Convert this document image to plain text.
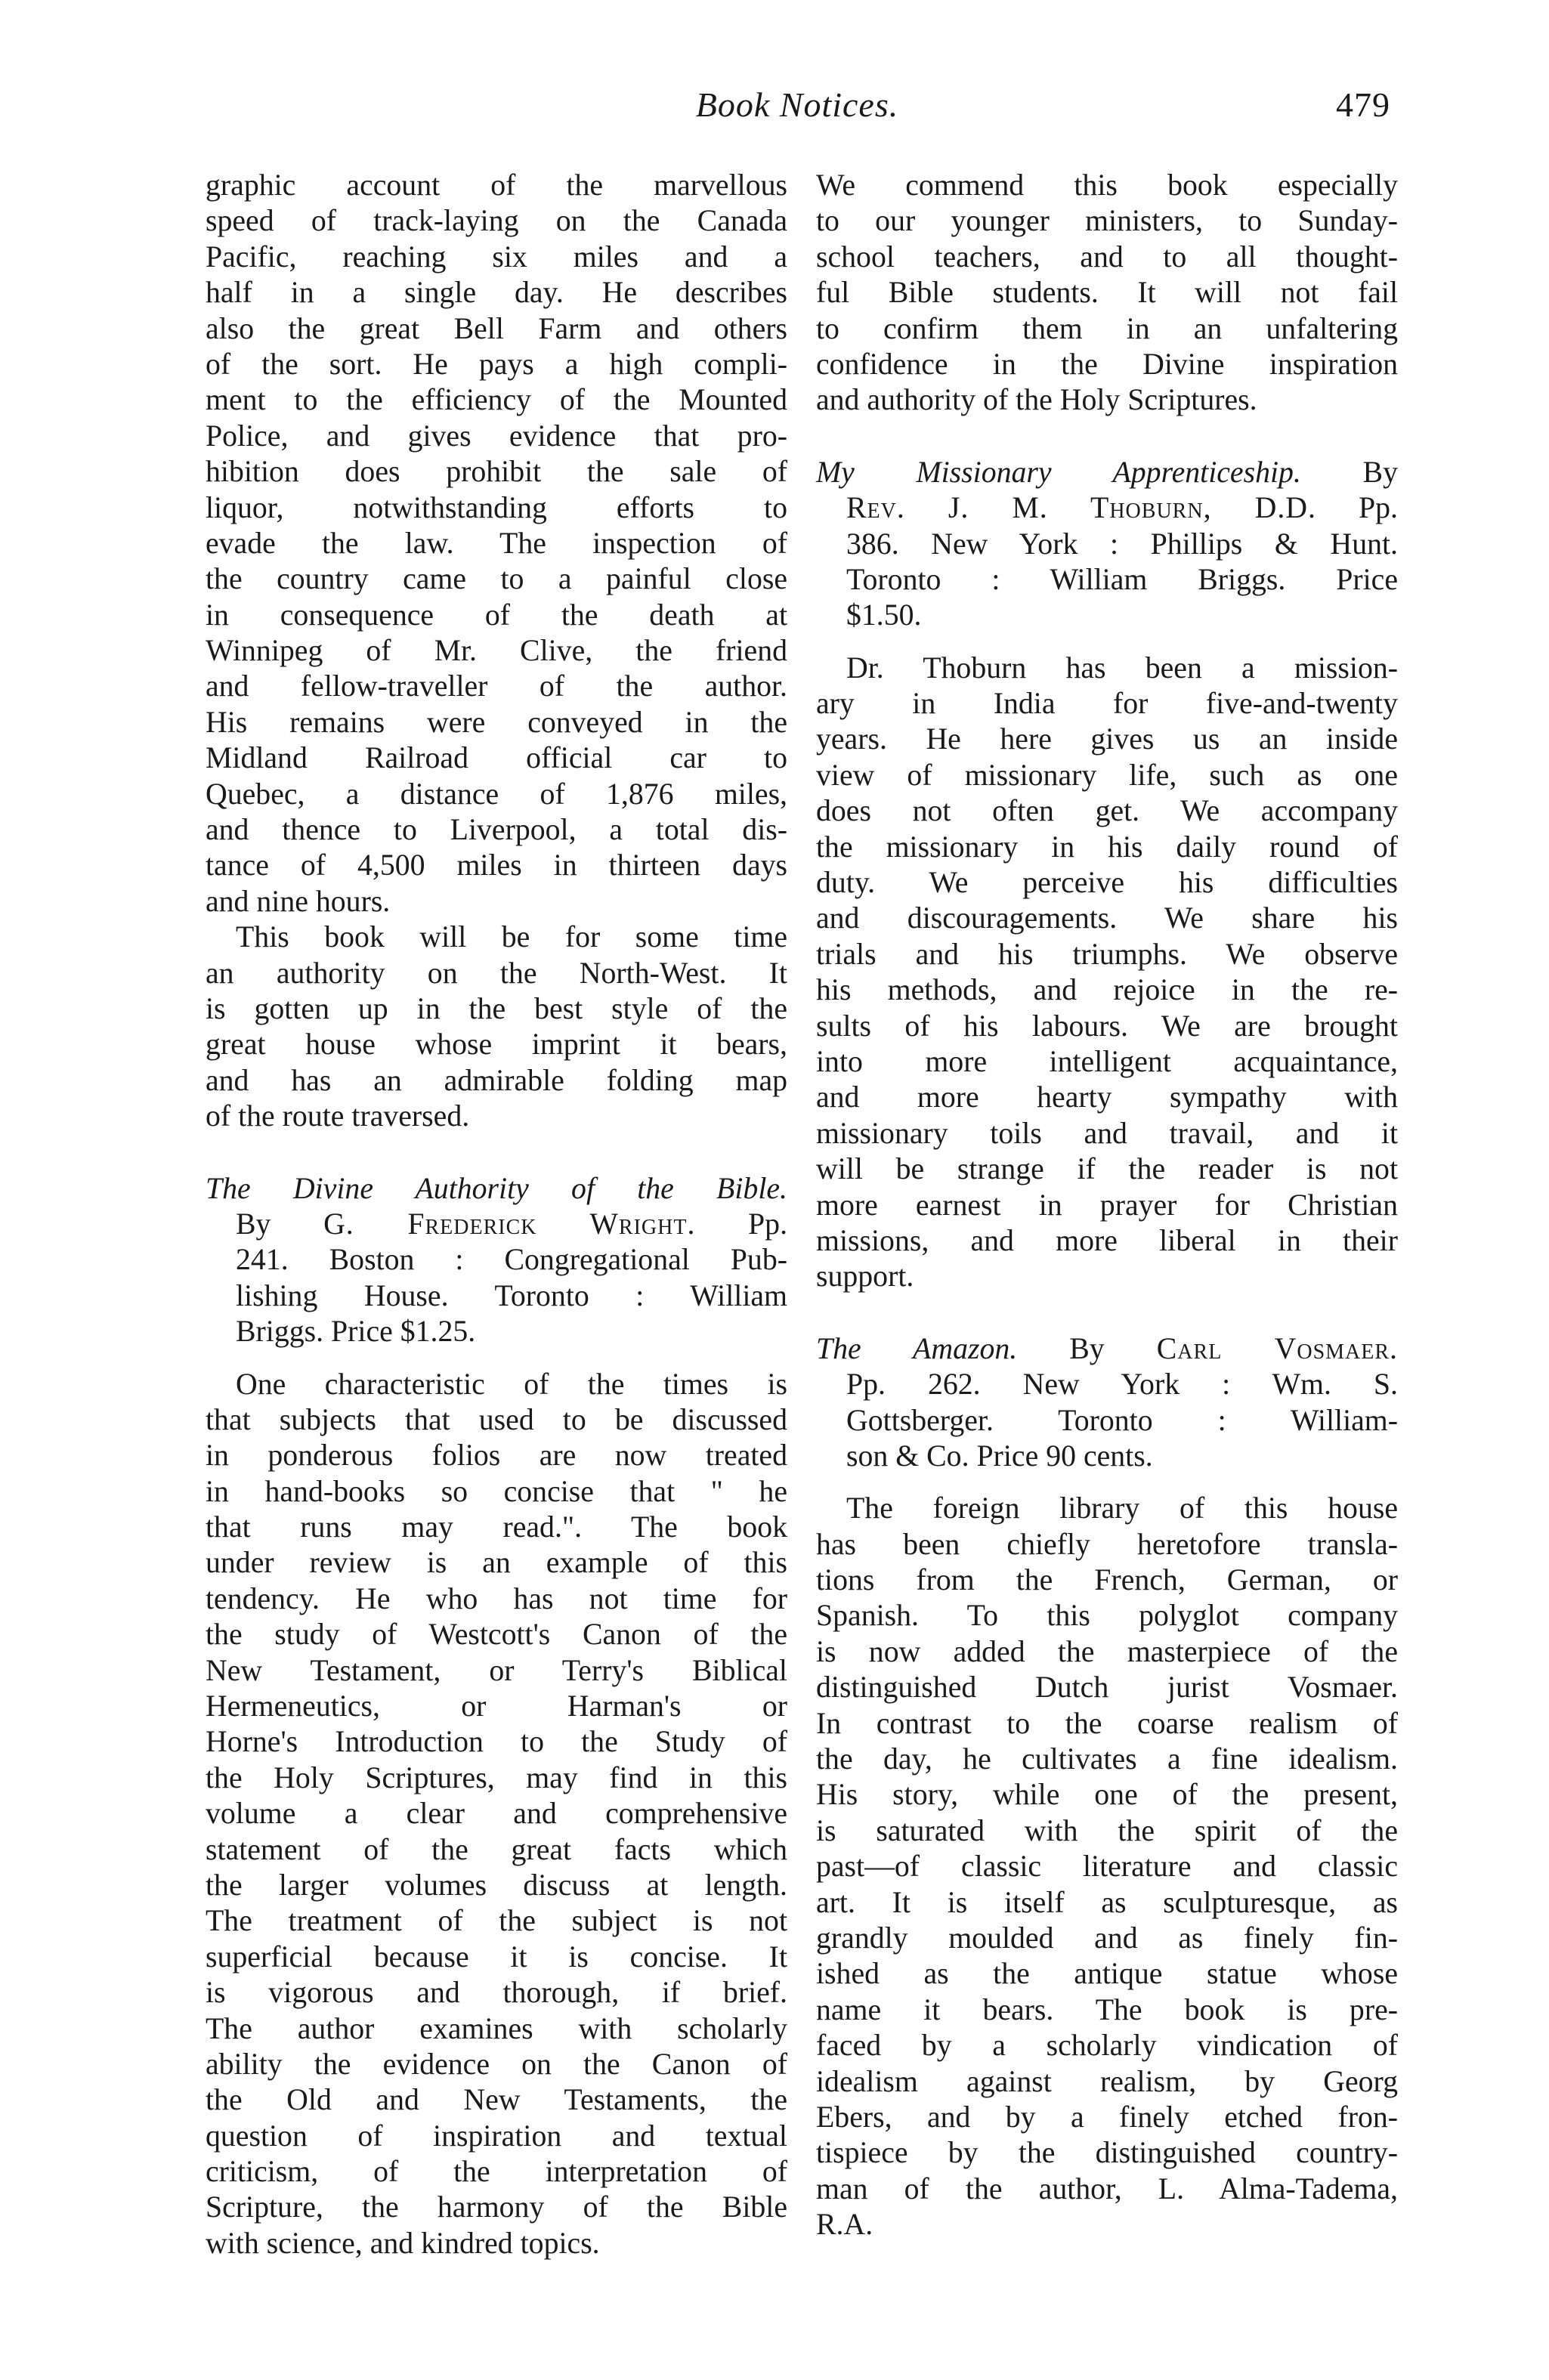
Book Notices.	479
graphic account of the marvellous
speed of track-laying on the Canada
Pacific, reaching six miles and a
half in a single day. He describes
also the great Bell Farm and others
of the sort. He pays a high compli-
ment to the efficiency of the Mounted
Police, and gives evidence that pro-
hibition does prohibit the sale of
liquor, notwithstanding efforts to
evade the law. The inspection of
the country came to a painful close
in consequence of the death at
Winnipeg of Mr. Clive, the friend
and fellow-traveller of the author.
His remains were conveyed in the
Midland Railroad official car to
Quebec, a distance of 1,876 miles,
and thence to Liverpool, a total dis-
tance of 4,500 miles in thirteen days
and nine hours.
This book will be for some time
an authority on the North-West. It
is gotten up in the best style of the
great house whose imprint it bears,
and has an admirable folding map
of the route traversed.
The Divine Authority of the Bible.
By G. Frederick Wright. Pp.
241. Boston : Congregational Pub-
lishing House. Toronto : William
Briggs. Price $1.25.
One characteristic of the times is
that subjects that used to be discussed
in ponderous folios are now treated
in hand-books so concise that " he
that runs may read.". The book
under review is an example of this
tendency. He who has not time for
the study of Westcott's Canon of the
New Testament, or Terry's Biblical
Hermeneutics, or Harman's or
Horne's Introduction to the Study of
the Holy Scriptures, may find in this
volume a clear and comprehensive
statement of the great facts which
the larger volumes discuss at length.
The treatment of the subject is not
superficial because it is concise. It
is vigorous and thorough, if brief.
The author examines with scholarly
ability the evidence on the Canon of
the Old and New Testaments, the
question of inspiration and textual
criticism, of the interpretation of
Scripture, the harmony of the Bible
with science, and kindred topics.
We commend this book especially
to our younger ministers, to Sunday-
school teachers, and to all thought-
ful Bible students. It will not fail
to confirm them in an unfaltering
confidence in the Divine inspiration
and authority of the Holy Scriptures.
My Missionary Apprenticeship. By
Rev. J. M. Thoburn, D.D. Pp.
386. New York : Phillips & Hunt.
Toronto : William Briggs. Price
$1.50.
Dr. Thoburn has been a mission-
ary in India for five-and-twenty
years. He here gives us an inside
view of missionary life, such as one
does not often get. We accompany
the missionary in his daily round of
duty. We perceive his difficulties
and discouragements. We share his
trials and his triumphs. We observe
his methods, and rejoice in the re-
sults of his labours. We are brought
into more intelligent acquaintance,
and more hearty sympathy with
missionary toils and travail, and it
will be strange if the reader is not
more earnest in prayer for Christian
missions, and more liberal in their
support.
The Amazon. By Carl Vosmaer.
Pp. 262. New York : Wm. S.
Gottsberger. Toronto : William-
son & Co. Price 90 cents.
The foreign library of this house
has been chiefly heretofore transla-
tions from the French, German, or
Spanish. To this polyglot company
is now added the masterpiece of the
distinguished Dutch jurist Vosmaer.
In contrast to the coarse realism of
the day, he cultivates a fine idealism.
His story, while one of the present,
is saturated with the spirit of the
past—of classic literature and classic
art. It is itself as sculpturesque, as
grandly moulded and as finely fin-
ished as the antique statue whose
name it bears. The book is pre-
faced by a scholarly vindication of
idealism against realism, by Georg
Ebers, and by a finely etched fron-
tispiece by the distinguished country-
man of the author, L. Alma-Tadema,
R.A.
